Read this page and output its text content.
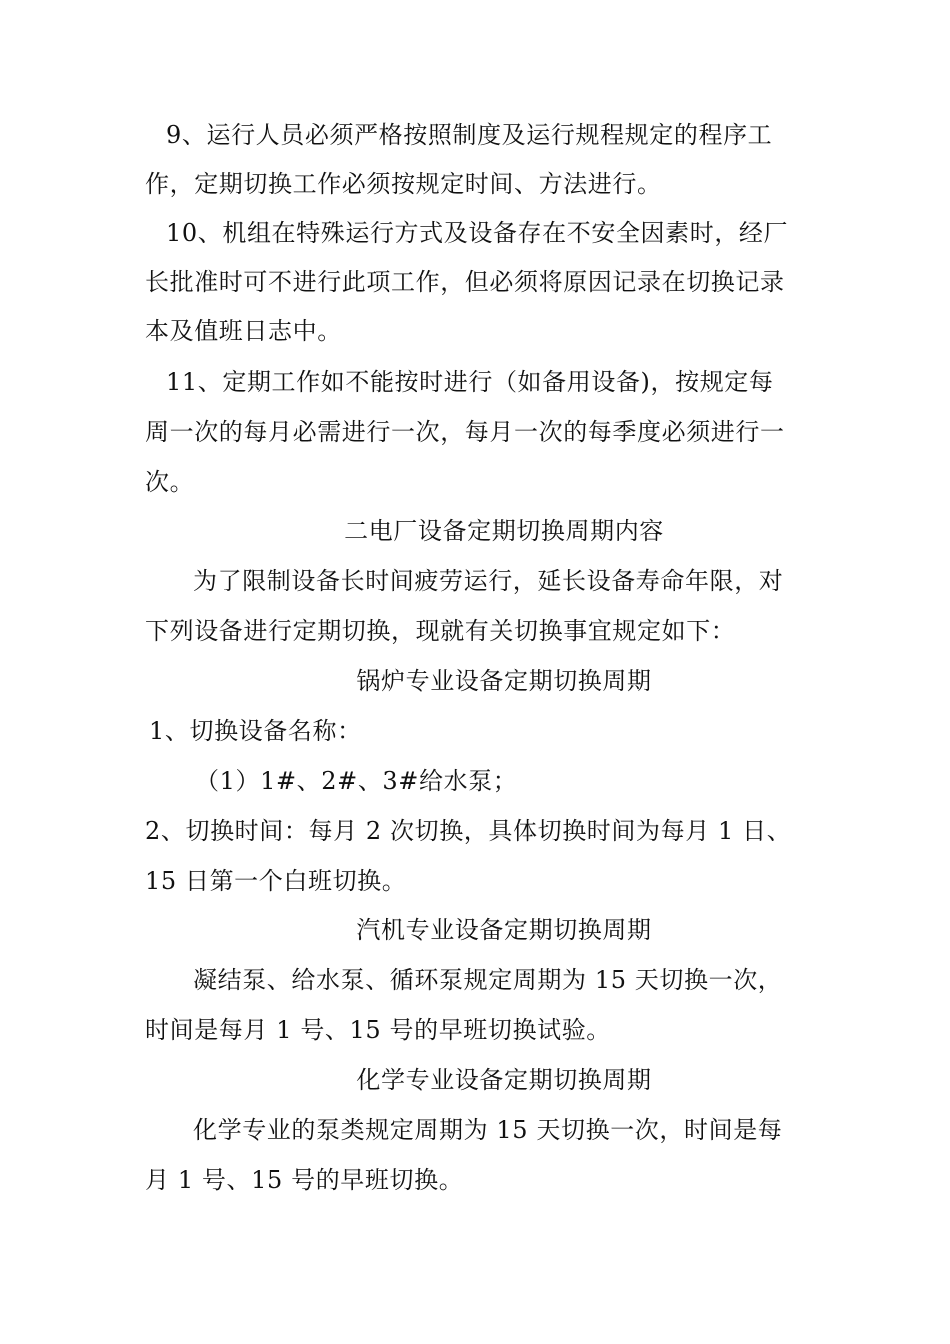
9、运行人员必须严格按照制度及运行规程规定的程序工
作，定期切换工作必须按规定时间、方法进行。
10、机组在特殊运行方式及设备存在不安全因素时，经厂
长批准时可不进行此项工作，但必须将原因记录在切换记录
本及值班日志中。
11、定期工作如不能按时进行（如备用设备)，按规定每
周一次的每月必需进行一次，每月一次的每季度必须进行一
次。
二电厂设备定期切换周期内容
为了限制设备长时间疲劳运行，延长设备寿命年限，对
下列设备进行定期切换，现就有关切换事宜规定如下：
锅炉专业设备定期切换周期
1、切换设备名称：
（1）1#、2#、3#给水泵；
2、切换时间：每月 2 次切换，具体切换时间为每月 1 日、
15 日第一个白班切换。
汽机专业设备定期切换周期
凝结泵、给水泵、循环泵规定周期为 15 天切换一次，
时间是每月 1 号、15 号的早班切换试验。
化学专业设备定期切换周期
化学专业的泵类规定周期为 15 天切换一次，时间是每
月 1 号、15 号的早班切换。
